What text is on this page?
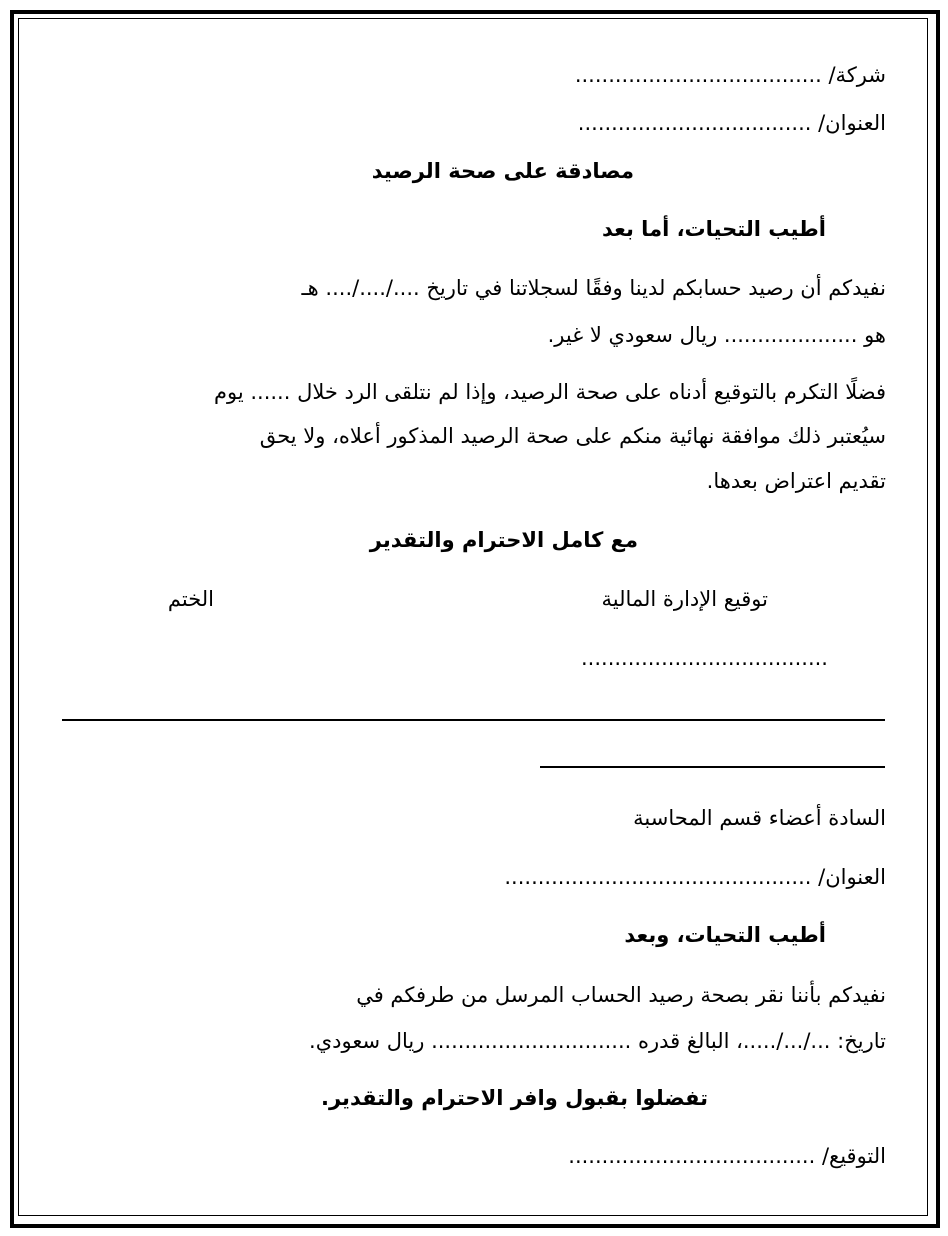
شركة/ .....................................
العنوان/ ...................................
مصادقة على صحة الرصيد
أطيب التحيات، أما بعد
نفيدكم أن رصيد حسابكم لدينا وفقًا لسجلاتنا في تاريخ ..../..../.... هـ
هو .................... ريال سعودي لا غير.
فضلًا التكرم بالتوقيع أدناه على صحة الرصيد، وإذا لم نتلقى الرد خلال ...... يوم
سيُعتبر ذلك موافقة نهائية منكم على صحة الرصيد المذكور أعلاه، ولا يحق
تقديم اعتراض بعدها.
مع كامل الاحترام والتقدير
توقيع الإدارة المالية
الختم
.....................................
السادة أعضاء قسم المحاسبة
العنوان/ ..............................................
أطيب التحيات، وبعد
نفيدكم بأننا نقر بصحة رصيد الحساب المرسل من طرفكم في
تاريخ: .../.../.....، البالغ قدره .............................. ريال سعودي.
تفضلوا بقبول وافر الاحترام والتقدير.
التوقيع/ .....................................
